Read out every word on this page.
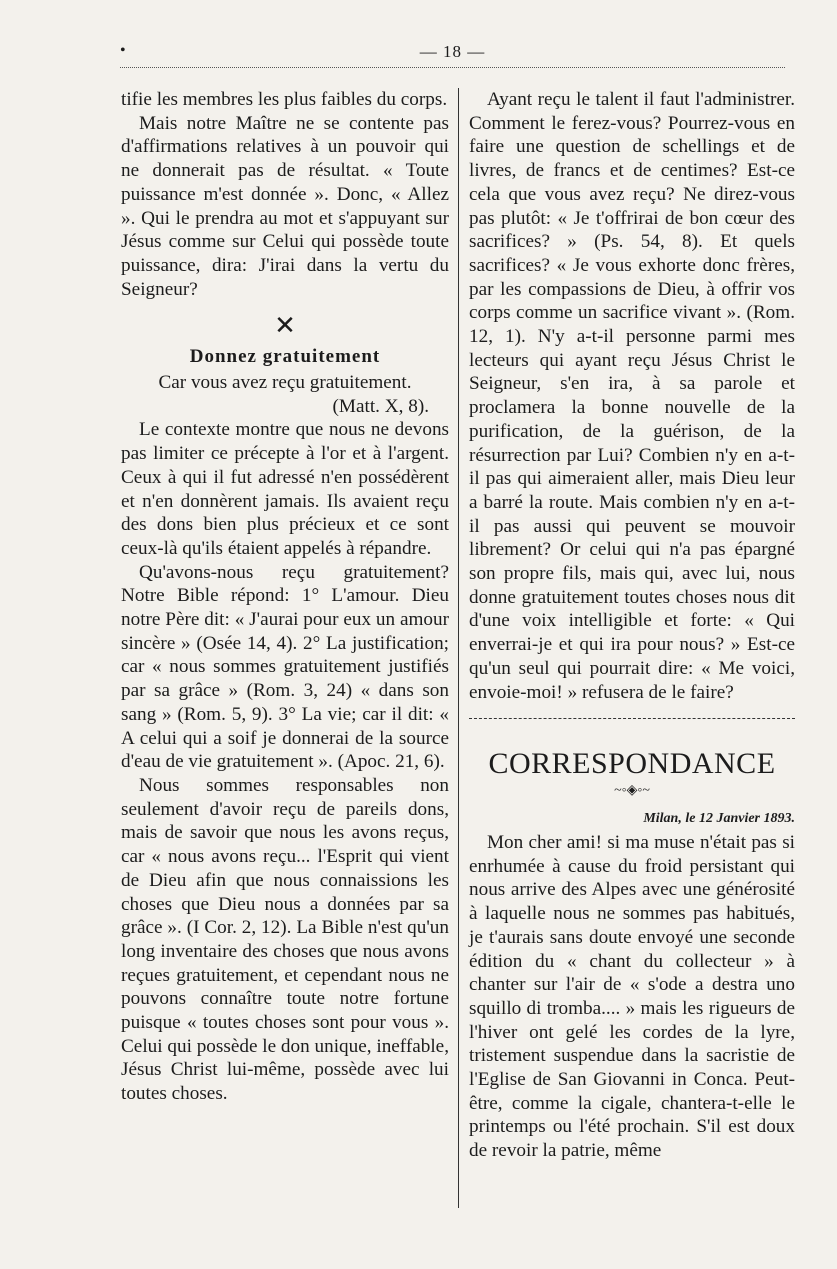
•	— 18 —

tifie les membres les plus faibles du corps.

Mais notre Maître ne se contente pas d'affirmations relatives à un pouvoir qui ne donnerait pas de résultat. « Toute puissance m'est donnée ». Donc, « Allez ». Qui le prendra au mot et s'appuyant sur Jésus comme sur Celui qui possède toute puissance, dira: J'irai dans la vertu du Seigneur?

✕
Donnez gratuitement

Car vous avez reçu gratuitement.

(Matt. X, 8).

Le contexte montre que nous ne devons pas limiter ce précepte à l'or et à l'argent. Ceux à qui il fut adressé n'en possédèrent et n'en donnèrent jamais. Ils avaient reçu des dons bien plus précieux et ce sont ceux-là qu'ils étaient appelés à répandre.

Qu'avons-nous reçu gratuitement? Notre Bible répond: 1° L'amour. Dieu notre Père dit: « J'aurai pour eux un amour sincère » (Osée 14, 4). 2° La justification; car « nous sommes gratuitement justifiés par sa grâce » (Rom. 3, 24) « dans son sang » (Rom. 5, 9). 3° La vie; car il dit: « A celui qui a soif je donnerai de la source d'eau de vie gratuitement ». (Apoc. 21, 6).

Nous sommes responsables non seulement d'avoir reçu de pareils dons, mais de savoir que nous les avons reçus, car « nous avons reçu... l'Esprit qui vient de Dieu afin que nous connaissions les choses que Dieu nous a données par sa grâce ». (I Cor. 2, 12). La Bible n'est qu'un long inventaire des choses que nous avons reçues gratuitement, et cependant nous ne pouvons connaître toute notre fortune puisque « toutes choses sont pour vous ». Celui qui possède le don unique, ineffable, Jésus Christ lui-même, possède avec lui toutes choses.

Ayant reçu le talent il faut l'administrer. Comment le ferez-vous? Pourrez-vous en faire une question de schellings et de livres, de francs et de centimes? Est-ce cela que vous avez reçu? Ne direz-vous pas plutôt: « Je t'offrirai de bon cœur des sacrifices? » (Ps. 54, 8). Et quels sacrifices? « Je vous exhorte donc frères, par les compassions de Dieu, à offrir vos corps comme un sacrifice vivant ». (Rom. 12, 1). N'y a-t-il personne parmi mes lecteurs qui ayant reçu Jésus Christ le Seigneur, s'en ira, à sa parole et proclamera la bonne nouvelle de la purification, de la guérison, de la résurrection par Lui? Combien n'y en a-t-il pas qui aimeraient aller, mais Dieu leur a barré la route. Mais combien n'y en a-t-il pas aussi qui peuvent se mouvoir librement? Or celui qui n'a pas épargné son propre fils, mais qui, avec lui, nous donne gratuitement toutes choses nous dit d'une voix intelligible et forte: « Qui enverrai-je et qui ira pour nous? » Est-ce qu'un seul qui pourrait dire: « Me voici, envoie-moi! » refusera de le faire?

CORRESPONDANCE
~◦◈◦~

Milan, le 12 Janvier 1893.

Mon cher ami! si ma muse n'était pas si enrhumée à cause du froid persistant qui nous arrive des Alpes avec une générosité à laquelle nous ne sommes pas habitués, je t'aurais sans doute envoyé une seconde édition du « chant du collecteur » à chanter sur l'air de « s'ode a destra uno squillo di tromba.... » mais les rigueurs de l'hiver ont gelé les cordes de la lyre, tristement suspendue dans la sacristie de l'Eglise de San Giovanni in Conca. Peut-être, comme la cigale, chantera-t-elle le printemps ou l'été prochain. S'il est doux de revoir la patrie, même
